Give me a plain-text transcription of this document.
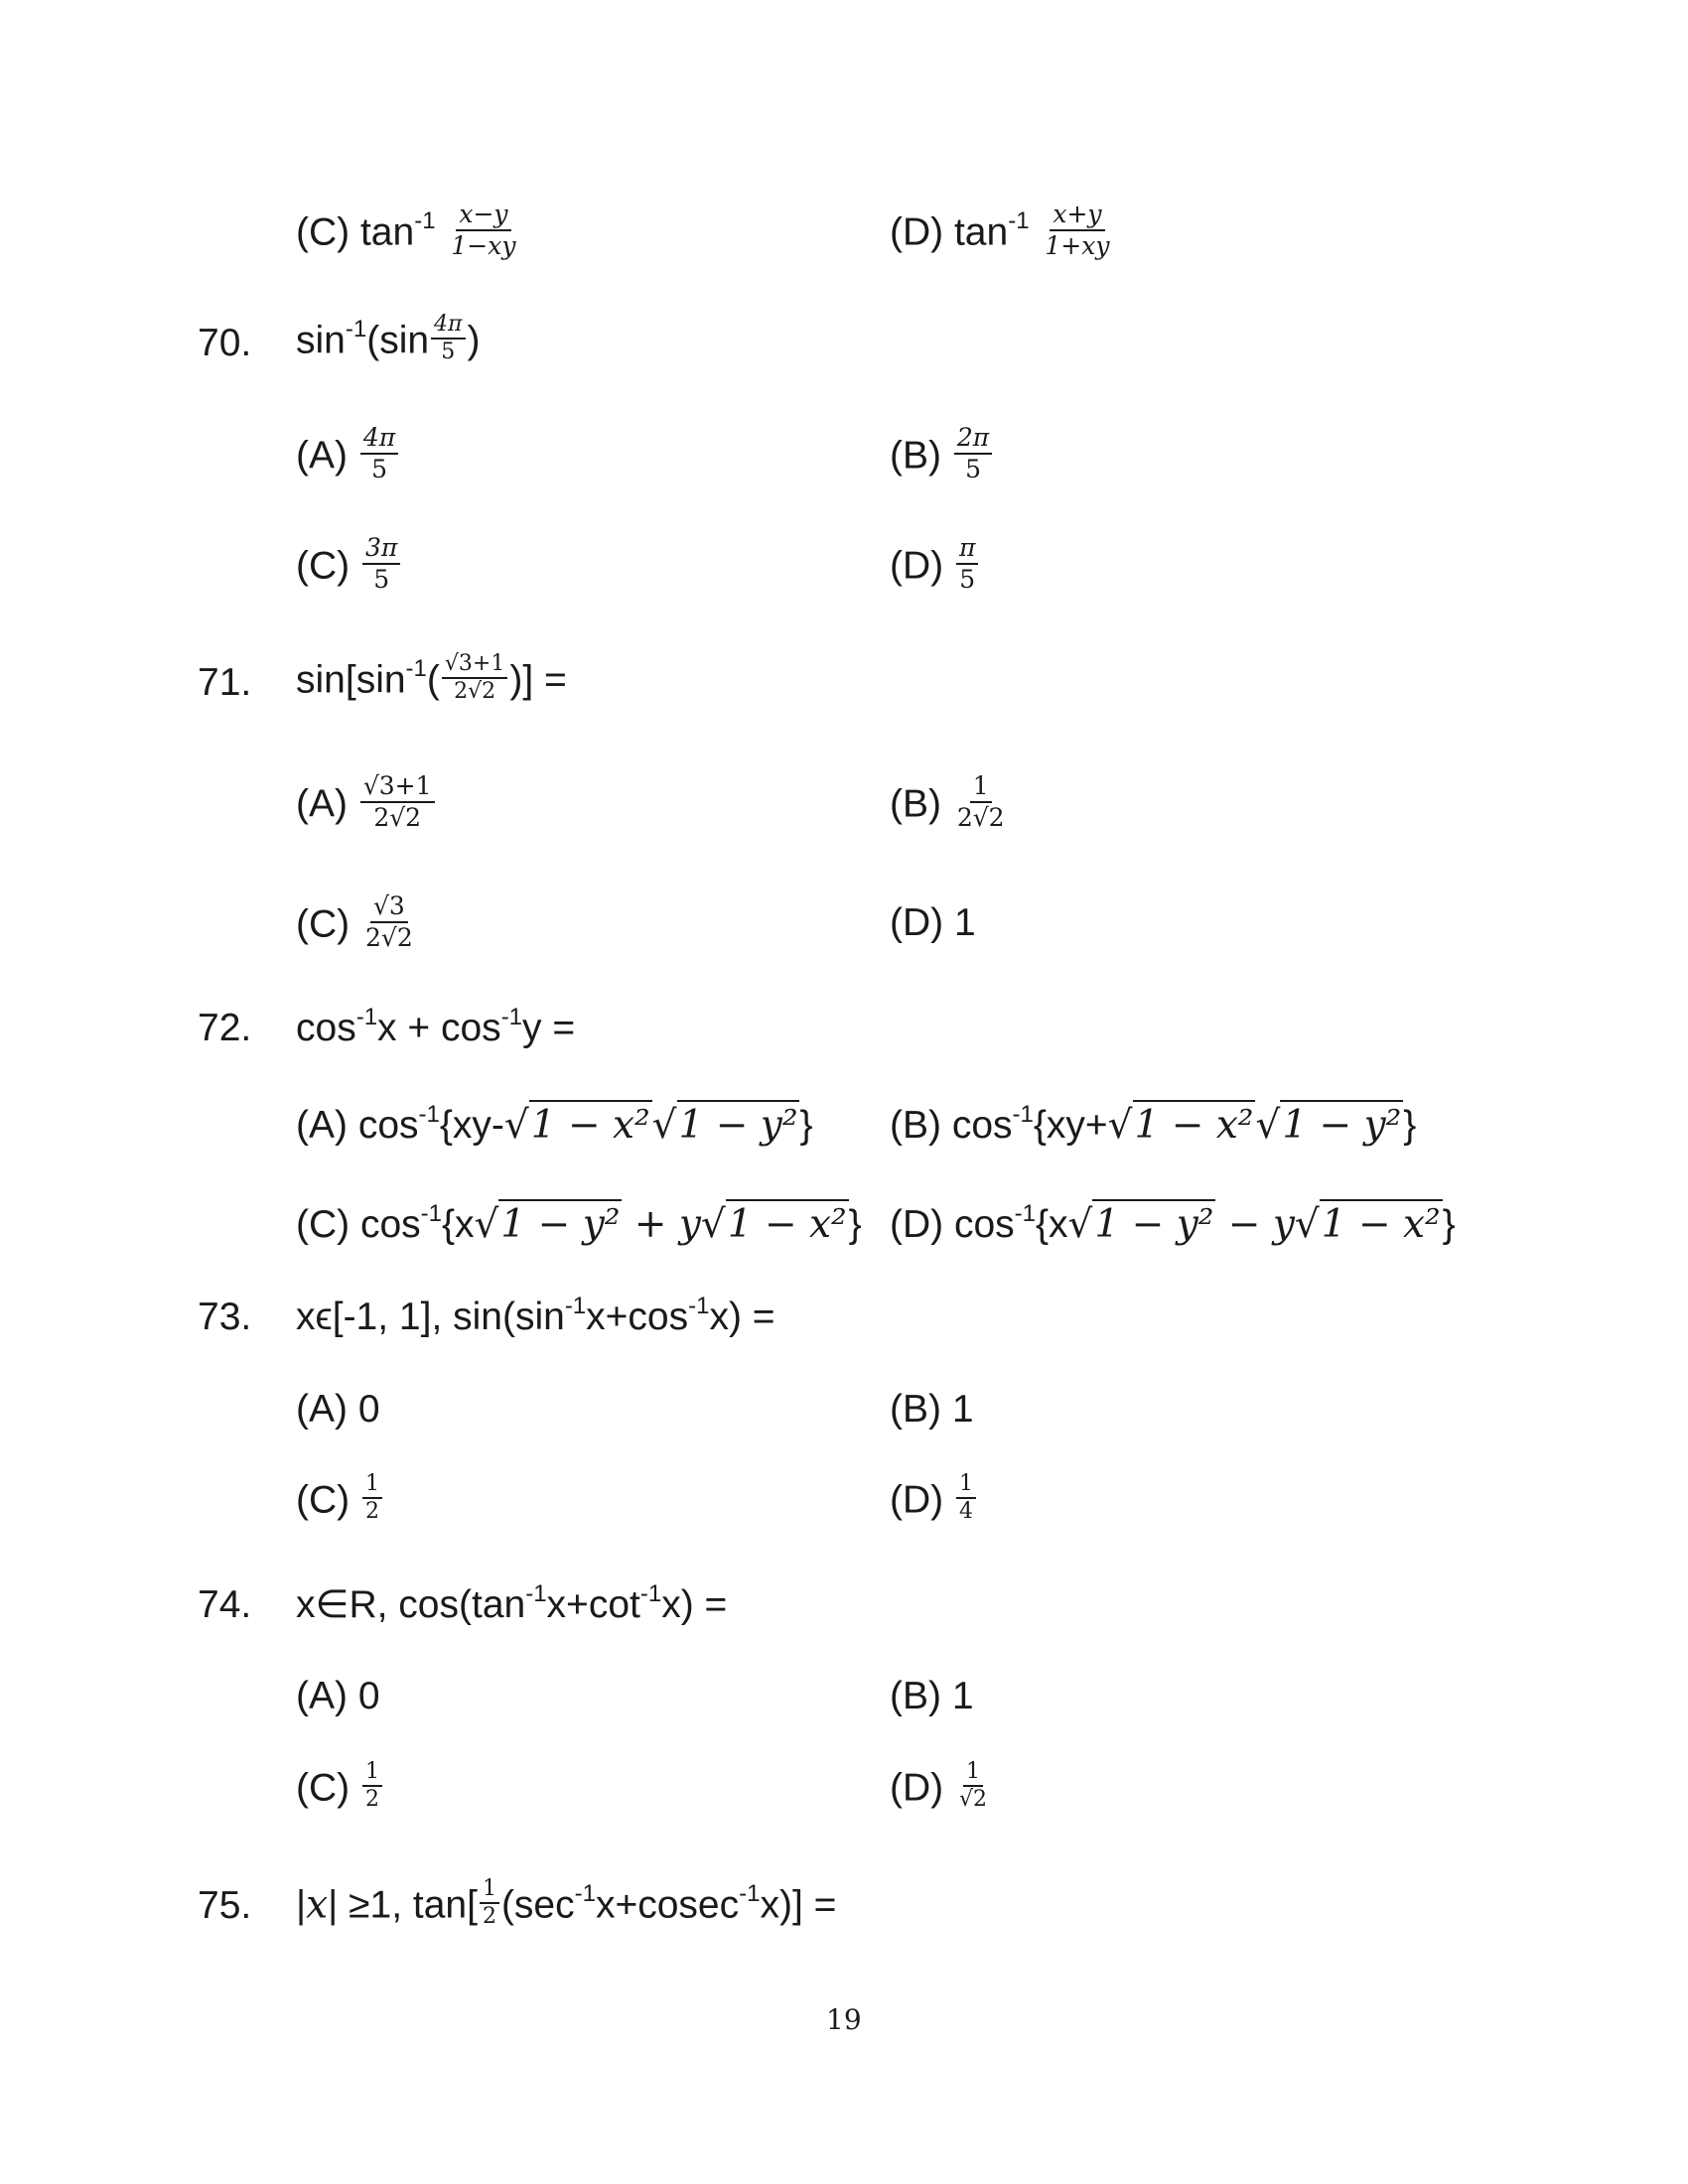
(C) $\tan^{-1} \frac{x-y}{1-xy}$	(D) $\tan^{-1} \frac{x+y}{1+xy}$
70. $\sin^{-1}(\sin \frac{4\pi}{5}$ )
$(A) \frac{4\pi}{5}$	$(B) \frac{2\pi}{5}$
$(C) \frac{3\pi}{5}$	$(D) \frac{\pi}{5}$
71. $\sin[\sin^{-1}( \frac{√3+1}{2√2}$ )] =
$(A) \frac{√3+1}{2√2}$	$(B) \frac{1}{2√2}$
$(C) \frac{√3}{2√2}$	(D) 1
72. $\cos^{-1}x + \cos^{-1}y$ =
(A) $\cos^{-1}\{xy-$ √ 1 − x² √ 1 − y² } (B) $\cos^{-1}\{xy+$ √ 1 − x² √ 1 − y² }
(C) $\cos^{-1}\{x$ √ 1 − y² + y √ 1 − x² } (D) $\cos^{-1}\{x$ √ 1 − y² − y √ 1 − x² }
73. xϵ[-1, 1], $\sin(\sin^{-1}x+\cos^{-1}x)$ =
(A) 0	(B) 1
$(C) \frac{1}{2}$	$(D) \frac{1}{4}$
74. x∈R, $\cos(\tan^{-1}x+\cot^{-1}x)$ =
(A) 0	(B) 1
$(C) \frac{1}{2}$	$(D) \frac{1}{√2}$
75. |x| ≥1, $\tan[ \frac{1}{2} (\sec^{-1}x+cosec^{-1}x)]$ =
19
